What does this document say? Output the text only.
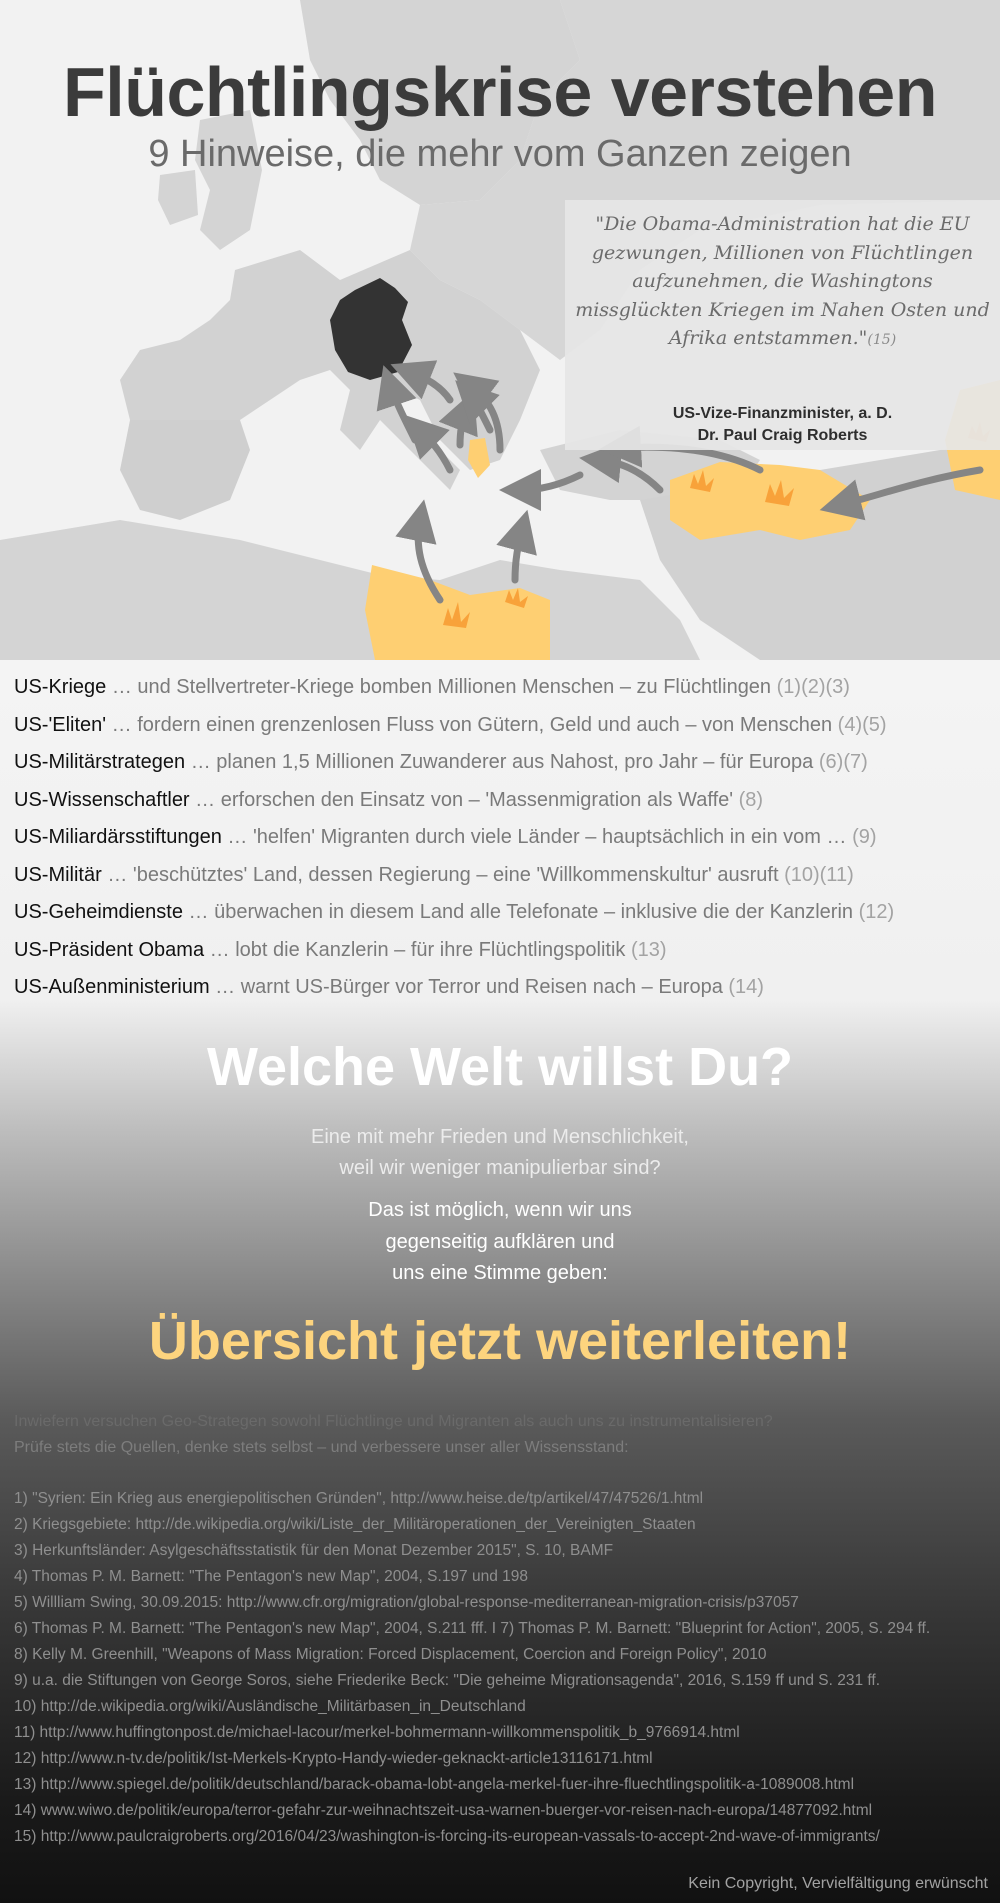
Flüchtlingskrise verstehen
9 Hinweise, die mehr vom Ganzen zeigen
"Die Obama-Administration hat die EU gezwungen, Millionen von Flüchtlingen aufzunehmen, die Washingtons missglückten Kriegen im Nahen Osten und Afrika entstammen."(15)
US-Vize-Finanzminister, a. D.
Dr. Paul Craig Roberts
US-Kriege … und Stellvertreter-Kriege bomben Millionen Menschen – zu Flüchtlingen (1)(2)(3)
US-'Eliten' … fordern einen grenzenlosen Fluss von Gütern, Geld und auch – von Menschen (4)(5)
US-Militärstrategen … planen 1,5 Millionen Zuwanderer aus Nahost, pro Jahr – für Europa (6)(7)
US-Wissenschaftler … erforschen den Einsatz von – 'Massenmigration als Waffe' (8)
US-Miliardärsstiftungen … 'helfen' Migranten durch viele Länder – hauptsächlich in ein vom … (9)
US-Militär … 'beschütztes' Land, dessen Regierung – eine 'Willkommenskultur' ausruft (10)(11)
US-Geheimdienste … überwachen in diesem Land alle Telefonate – inklusive die der Kanzlerin (12)
US-Präsident Obama … lobt die Kanzlerin – für ihre Flüchtlingspolitik (13)
US-Außenministerium … warnt US-Bürger vor Terror und Reisen nach – Europa (14)
Welche Welt willst Du?
Eine mit mehr Frieden und Menschlichkeit,
weil wir weniger manipulierbar sind?
Das ist möglich, wenn wir uns
gegenseitig aufklären und
uns eine Stimme geben:
Übersicht jetzt weiterleiten!
Inwiefern versuchen Geo-Strategen sowohl Flüchtlinge und Migranten als auch uns zu instrumentalisieren?
Prüfe stets die Quellen, denke stets selbst – und verbessere unser aller Wissensstand:
1) "Syrien: Ein Krieg aus energiepolitischen Gründen", http://www.heise.de/tp/artikel/47/47526/1.html
2) Kriegsgebiete: http://de.wikipedia.org/wiki/Liste_der_Militäroperationen_der_Vereinigten_Staaten
3) Herkunftsländer: Asylgeschäftsstatistik für den Monat Dezember 2015", S. 10, BAMF
4) Thomas P. M. Barnett: "The Pentagon's new Map", 2004, S.197 und 198
5) Willliam Swing, 30.09.2015: http://www.cfr.org/migration/global-response-mediterranean-migration-crisis/p37057
6) Thomas P. M. Barnett: "The Pentagon's new Map", 2004, S.211 fff. I 7) Thomas P. M. Barnett: "Blueprint for Action", 2005, S. 294 ff.
8) Kelly M. Greenhill, "Weapons of Mass Migration: Forced Displacement, Coercion and Foreign Policy", 2010
9) u.a. die Stiftungen von George Soros, siehe Friederike Beck: "Die geheime Migrationsagenda", 2016, S.159 ff und S. 231 ff.
10) http://de.wikipedia.org/wiki/Ausländische_Militärbasen_in_Deutschland
11) http://www.huffingtonpost.de/michael-lacour/merkel-bohmermann-willkommenspolitik_b_9766914.html
12) http://www.n-tv.de/politik/Ist-Merkels-Krypto-Handy-wieder-geknackt-article13116171.html
13) http://www.spiegel.de/politik/deutschland/barack-obama-lobt-angela-merkel-fuer-ihre-fluechtlingspolitik-a-1089008.html
14) www.wiwo.de/politik/europa/terror-gefahr-zur-weihnachtszeit-usa-warnen-buerger-vor-reisen-nach-europa/14877092.html
15) http://www.paulcraigroberts.org/2016/04/23/washington-is-forcing-its-european-vassals-to-accept-2nd-wave-of-immigrants/
Kein Copyright, Vervielfältigung erwünscht
